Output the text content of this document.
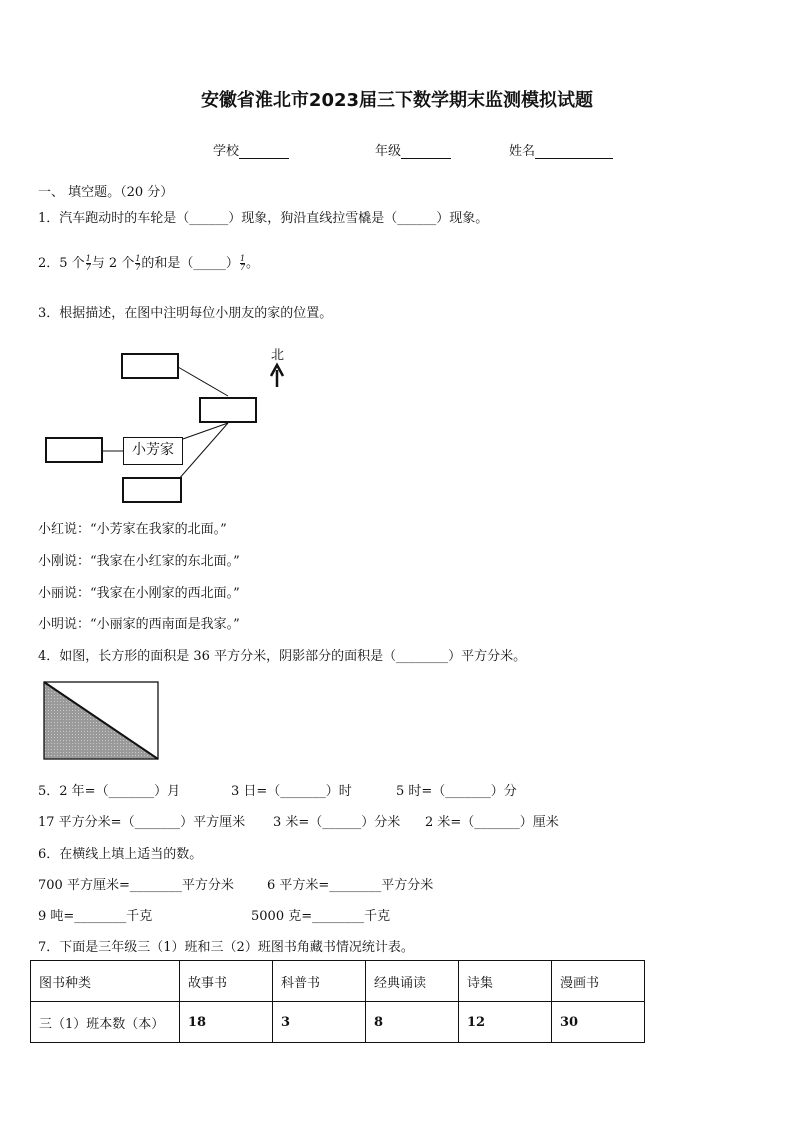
安徽省淮北市2023届三下数学期末监测模拟试题
学校	年级	姓名
一、 填空题。（20 分）
1．汽车跑动时的车轮是（______）现象，狗沿直线拉雪橇是（______）现象。
2．5 个 $\frac{1}{7}$ 与 2 个 $\frac{1}{7}$ 的和是（_____） $\frac{1}{7}$ 。
3．根据描述，在图中注明每位小朋友的家的位置。
北
小芳家
小红说：“小芳家在我家的北面。”
小刚说：“我家在小红家的东北面。”
小丽说：“我家在小刚家的西北面。”
小明说：“小丽家的西南面是我家。”
4．如图，长方形的面积是 36 平方分米，阴影部分的面积是（________）平方分米。
5．2 年=（_______）月	3 日=（_______）时	5 时=（_______）分
17 平方分米=（_______）平方厘米 3 米=（______）分米 2 米=（_______）厘米
6．在横线上填上适当的数。
700 平方厘米=________平方分米	6 平方米=________平方分米
9 吨=________千克	5000 克=________千克
7．下面是三年级三（1）班和三（2）班图书角藏书情况统计表。
图书种类	故事书	科普书	经典诵读	诗集	漫画书
三（1）班本数（本）	18	3	8	12	30
